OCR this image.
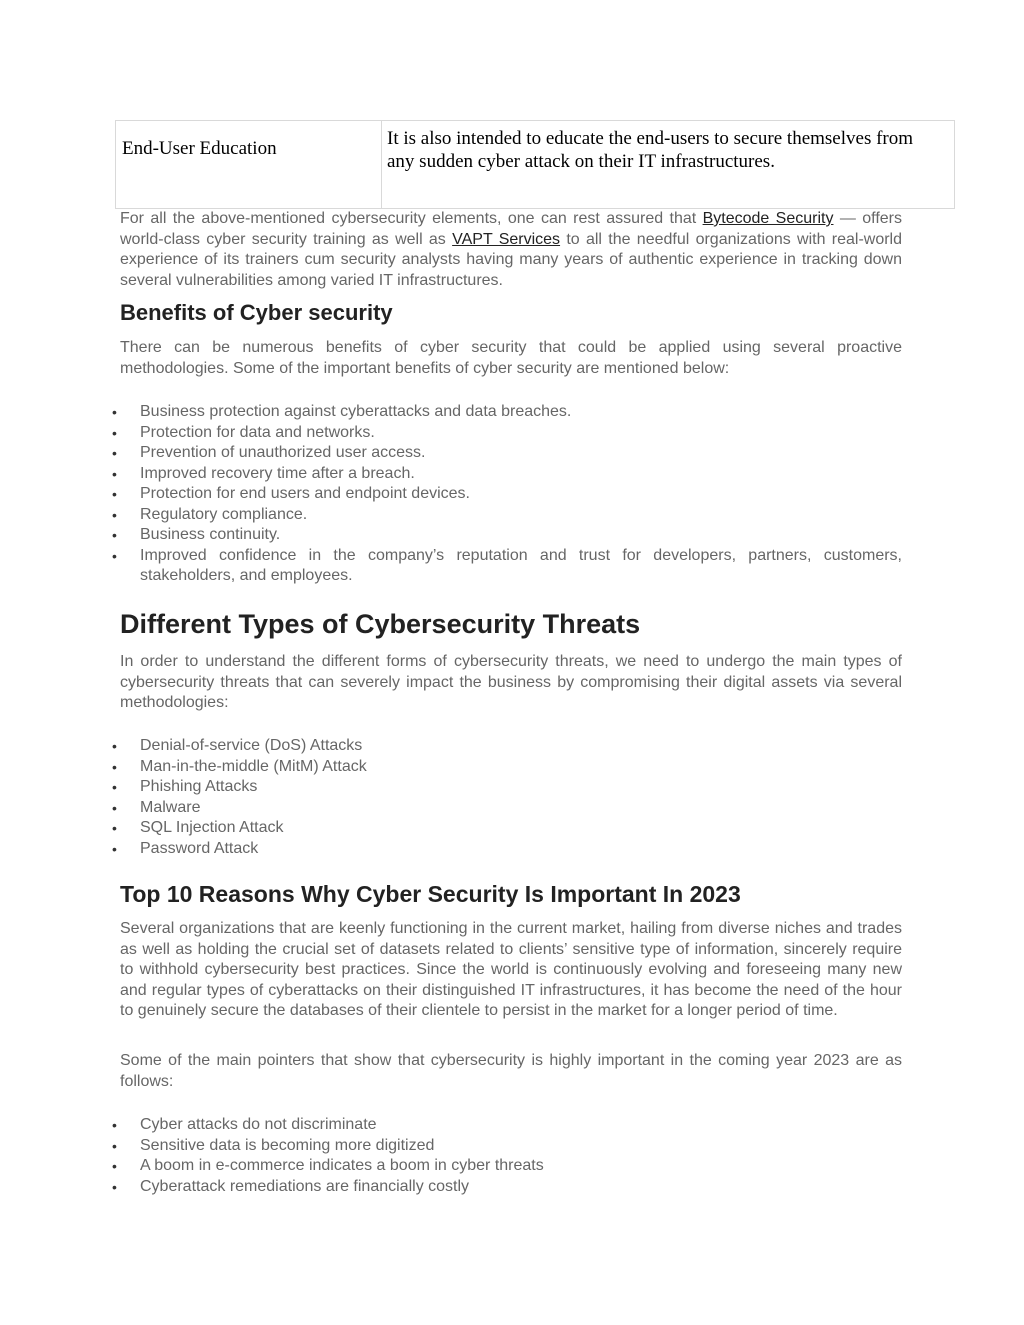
End-User Education	It is also intended to educate the end-users to secure themselves from any sudden cyber attack on their IT infrastructures.

For all the above-mentioned cybersecurity elements, one can rest assured that Bytecode Security — offers world-class cyber security training as well as VAPT Services to all the needful organizations with real-world experience of its trainers cum security analysts having many years of authentic experience in tracking down several vulnerabilities among varied IT infrastructures.

Benefits of Cyber security

There can be numerous benefits of cyber security that could be applied using several proactive methodologies. Some of the important benefits of cyber security are mentioned below:

• Business protection against cyberattacks and data breaches.
• Protection for data and networks.
• Prevention of unauthorized user access.
• Improved recovery time after a breach.
• Protection for end users and endpoint devices.
• Regulatory compliance.
• Business continuity.
• Improved confidence in the company’s reputation and trust for developers, partners, customers, stakeholders, and employees.
Different Types of Cybersecurity Threats

In order to understand the different forms of cybersecurity threats, we need to undergo the main types of cybersecurity threats that can severely impact the business by compromising their digital assets via several methodologies:

• Denial-of-service (DoS) Attacks
• Man-in-the-middle (MitM) Attack
• Phishing Attacks
• Malware
• SQL Injection Attack
• Password Attack
Top 10 Reasons Why Cyber Security Is Important In 2023

Several organizations that are keenly functioning in the current market, hailing from diverse niches and trades as well as holding the crucial set of datasets related to clients’ sensitive type of information, sincerely require to withhold cybersecurity best practices. Since the world is continuously evolving and foreseeing many new and regular types of cyberattacks on their distinguished IT infrastructures, it has become the need of the hour to genuinely secure the databases of their clientele to persist in the market for a longer period of time.

Some of the main pointers that show that cybersecurity is highly important in the coming year 2023 are as follows:

• Cyber attacks do not discriminate
• Sensitive data is becoming more digitized
• A boom in e-commerce indicates a boom in cyber threats
• Cyberattack remediations are financially costly
